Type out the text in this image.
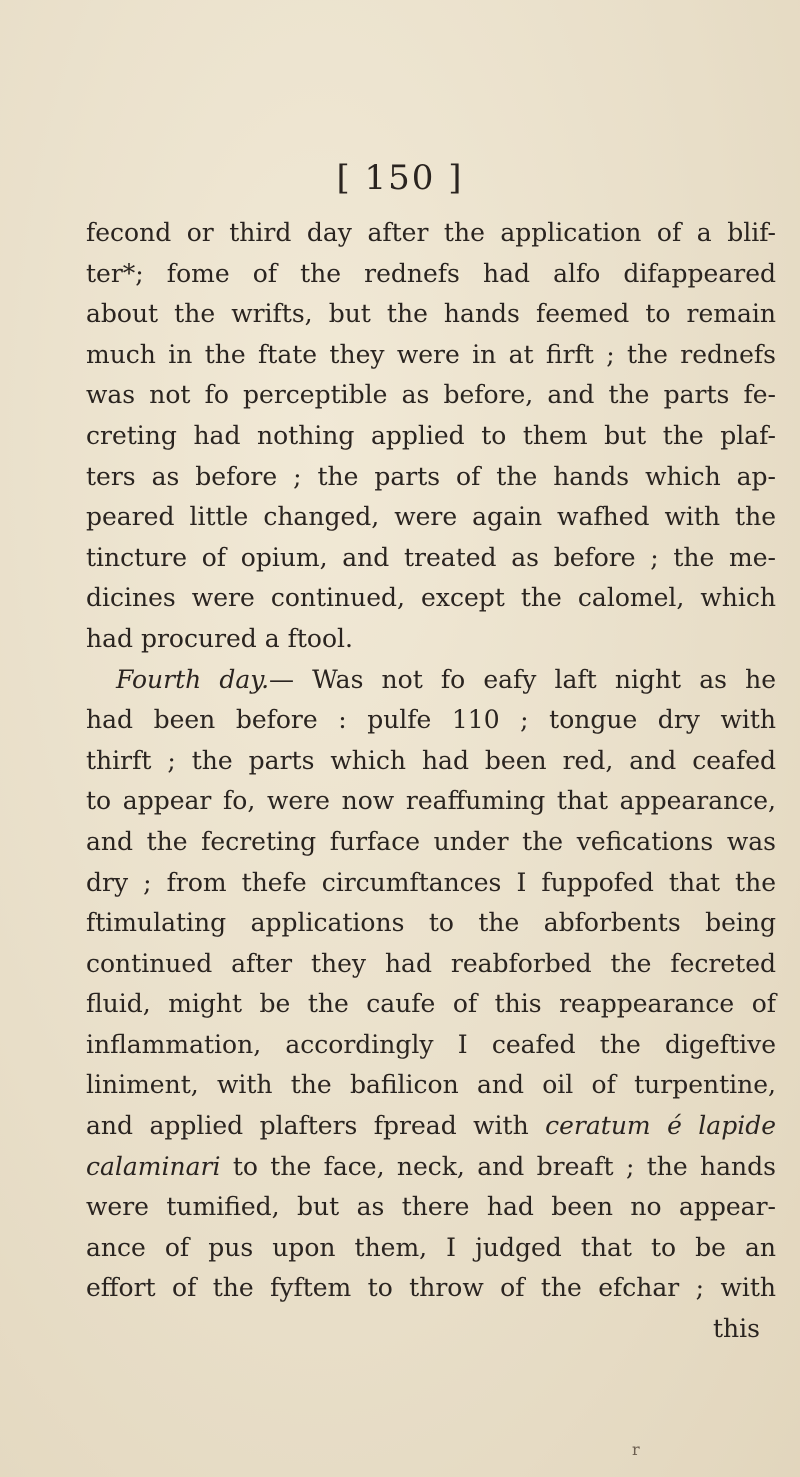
[ 150 ]
fecond or third day after the application of a blif-
ter*; fome of the rednefs had alfo difappeared
about the wrifts, but the hands feemed to remain
much in the ftate they were in at firft ; the rednefs
was not fo perceptible as before, and the parts fe-
creting had nothing applied to them but the plaf-
ters as before ; the parts of the hands which ap-
peared little changed, were again wafhed with the
tincture of opium, and treated as before ; the me-
dicines were continued, except the calomel, which
had procured a ftool.
Fourth day.— Was not fo eafy laft night as he
had been before : pulfe 110 ; tongue dry with
thirft ; the parts which had been red, and ceafed
to appear fo, were now reaffuming that appearance,
and the fecreting furface under the vefications was
dry ; from thefe circumftances I fuppofed that the
ftimulating applications to the abforbents being
continued after they had reabforbed the fecreted
fluid, might be the caufe of this reappearance of
inflammation, accordingly I ceafed the digeftive
liniment, with the bafilicon and oil of turpentine,
and applied plafters fpread with ceratum é lapide
calaminari to the face, neck, and breaft ; the hands
were tumified, but as there had been no appear-
ance of pus upon them, I judged that to be an
effort of the fyftem to throw of the efchar ; with
this
r
